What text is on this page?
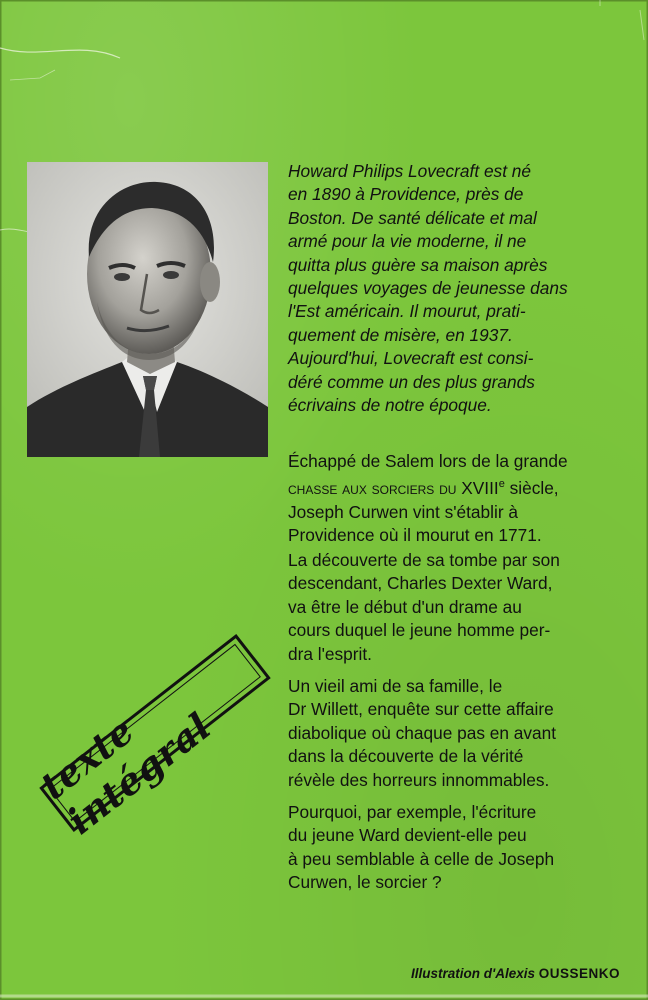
Howard Philips Lovecraft est né
en 1890 à Providence, près de
Boston. De santé délicate et mal
armé pour la vie moderne, il ne
quitta plus guère sa maison après
quelques voyages de jeunesse dans
l'Est américain. Il mourut, prati-
quement de misère, en 1937.
Aujourd'hui, Lovecraft est consi-
déré comme un des plus grands
écrivains de notre époque.
Échappé de Salem lors de la grande
chasse aux sorciers du XVIIIe siècle,
Joseph Curwen vint s'établir à
Providence où il mourut en 1771.
La découverte de sa tombe par son
descendant, Charles Dexter Ward,
va être le début d'un drame au
cours duquel le jeune homme per-
dra l'esprit.
Un vieil ami de sa famille, le
Dr Willett, enquête sur cette affaire
diabolique où chaque pas en avant
dans la découverte de la vérité
révèle des horreurs innommables.
Pourquoi, par exemple, l'écriture
du jeune Ward devient-elle peu
à peu semblable à celle de Joseph
Curwen, le sorcier ?
texte intégral
Illustration d'Alexis OUSSENKO
